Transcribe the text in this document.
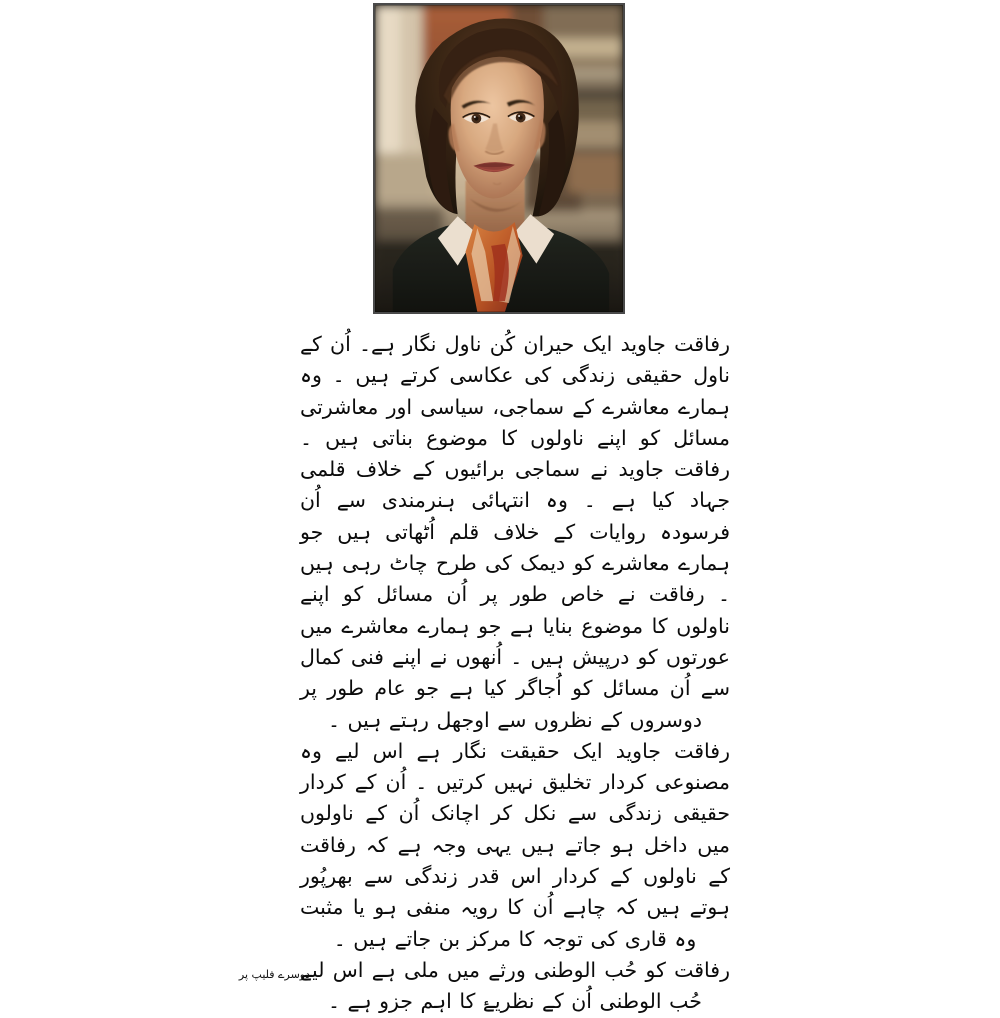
رفاقت جاوید ایک حیران کُن ناول نگار ہے۔ اُن کے ناول حقیقی زندگی کی عکاسی کرتے ہیں ۔ وہ ہمارے معاشرے کے سماجی، سیاسی اور معاشرتی مسائل کو اپنے ناولوں کا موضوع بناتی ہیں ۔ رفاقت جاوید نے سماجی برائیوں کے خلاف قلمی جہاد کیا ہے ۔ وہ انتہائی ہنرمندی سے اُن فرسودہ روایات کے خلاف قلم اُٹھاتی ہیں جو ہمارے معاشرے کو دیمک کی طرح چاٹ رہی ہیں ۔ رفاقت نے خاص طور پر اُن مسائل کو اپنے ناولوں کا موضوع بنایا ہے جو ہمارے معاشرے میں عورتوں کو درپیش ہیں ۔ اُنھوں نے اپنے فنی کمال سے اُن مسائل کو اُجاگر کیا ہے جو عام طور پر دوسروں کے نظروں سے اوجھل رہتے ہیں ۔

رفاقت جاوید ایک حقیقت نگار ہے اس لیے وہ مصنوعی کردار تخلیق نہیں کرتیں ۔ اُن کے کردار حقیقی زندگی سے نکل کر اچانک اُن کے ناولوں میں داخل ہو جاتے ہیں یہی وجہ ہے کہ رفاقت کے ناولوں کے کردار اس قدر زندگی سے بھرپُور ہوتے ہیں کہ چاہے اُن کا رویہ منفی ہو یا مثبت وہ قاری کی توجہ کا مرکز بن جاتے ہیں ۔

رفاقت کو حُب الوطنی ورثے میں ملی ہے اس لیے حُب الوطنی اُن کے نظریۓ کا اہم جزو ہے ۔

دوسرے فلیپ پر
